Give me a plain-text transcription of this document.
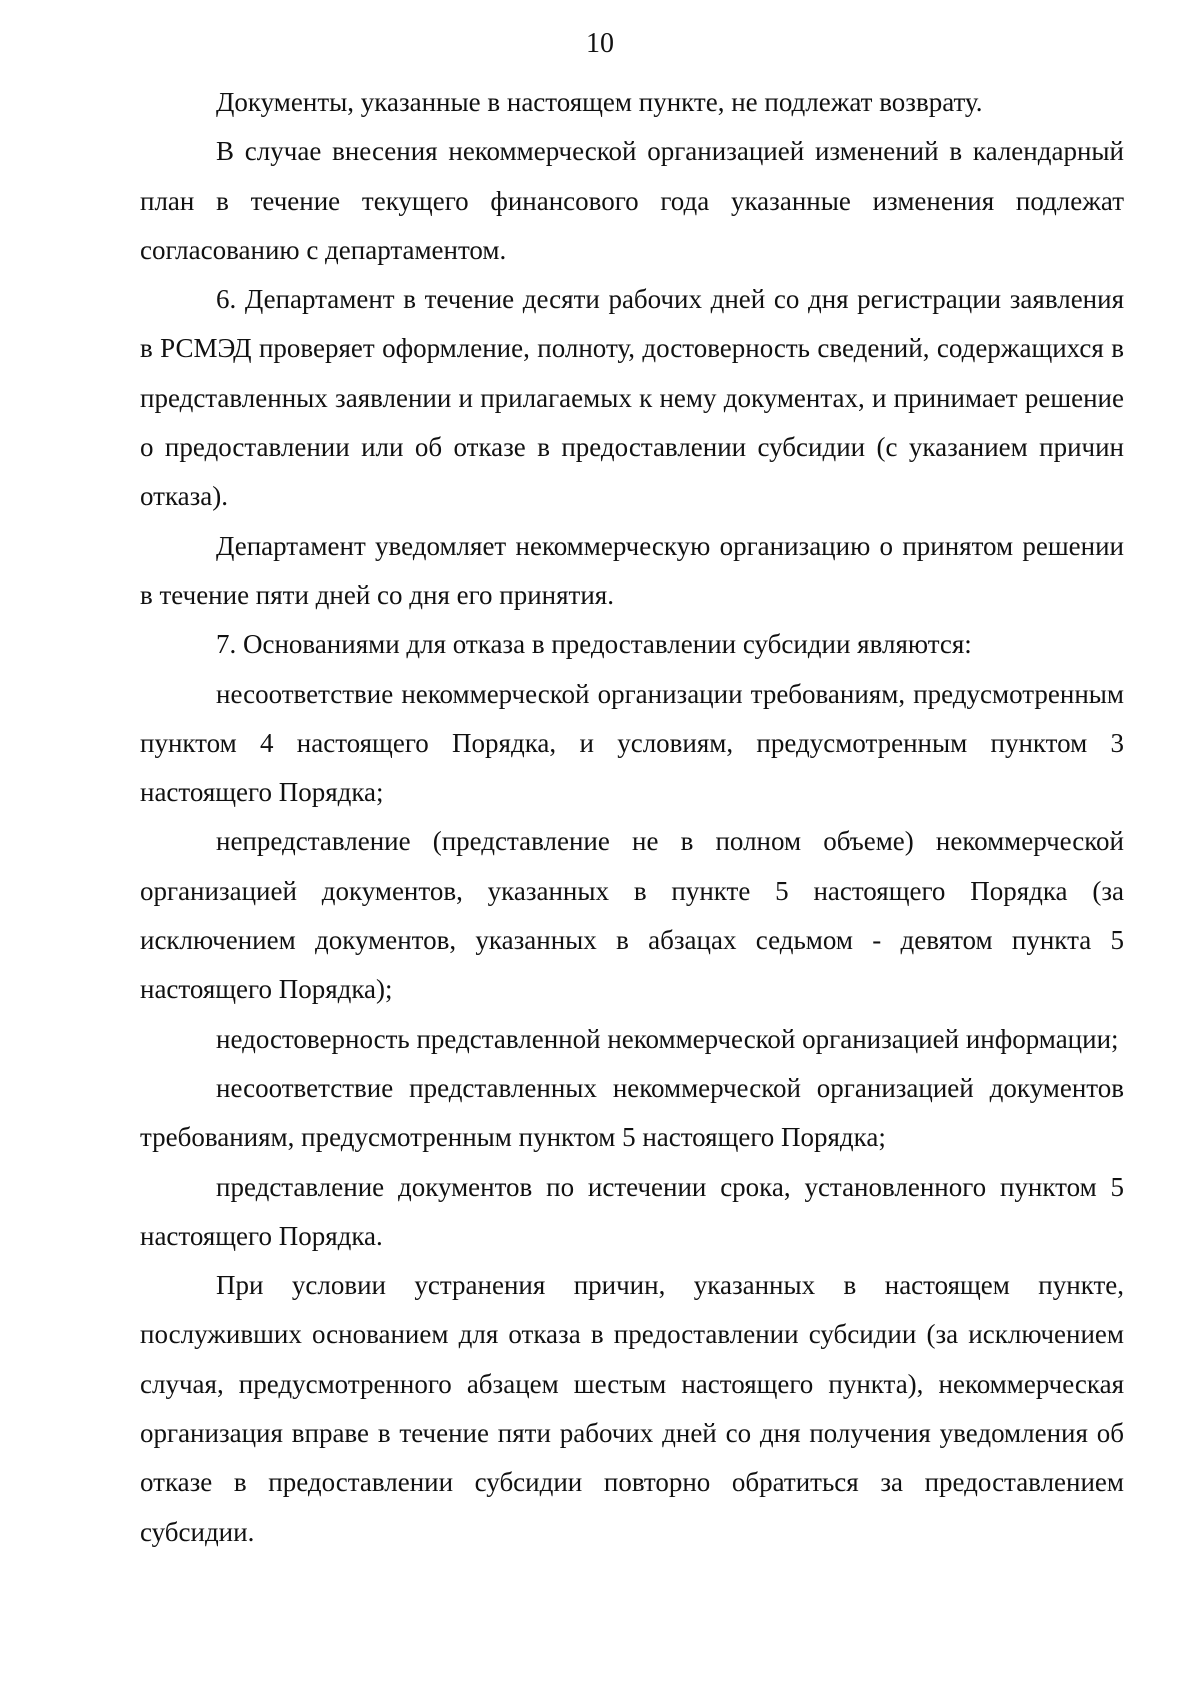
10

Документы, указанные в настоящем пункте, не подлежат возврату.

В случае внесения некоммерческой организацией изменений в календарный план в течение текущего финансового года указанные изменения подлежат согласованию с департаментом.

6. Департамент в течение десяти рабочих дней со дня регистрации заявления в РСМЭД проверяет оформление, полноту, достоверность сведений, содержащихся в представленных заявлении и прилагаемых к нему документах, и принимает решение о предоставлении или об отказе в предоставлении субсидии (с указанием причин отказа).

Департамент уведомляет некоммерческую организацию о принятом решении в течение пяти дней со дня его принятия.

7. Основаниями для отказа в предоставлении субсидии являются:

несоответствие некоммерческой организации требованиям, предусмотренным пунктом 4 настоящего Порядка, и условиям, предусмотренным пунктом 3 настоящего Порядка;

непредставление (представление не в полном объеме) некоммерческой организацией документов, указанных в пункте 5 настоящего Порядка (за исключением документов, указанных в абзацах седьмом - девятом пункта 5 настоящего Порядка);

недостоверность представленной некоммерческой организацией информации;

несоответствие представленных некоммерческой организацией документов требованиям, предусмотренным пунктом 5 настоящего Порядка;

представление документов по истечении срока, установленного пунктом 5 настоящего Порядка.

При условии устранения причин, указанных в настоящем пункте, послуживших основанием для отказа в предоставлении субсидии (за исключением случая, предусмотренного абзацем шестым настоящего пункта), некоммерческая организация вправе в течение пяти рабочих дней со дня получения уведомления об отказе в предоставлении субсидии повторно обратиться за предоставлением субсидии.
